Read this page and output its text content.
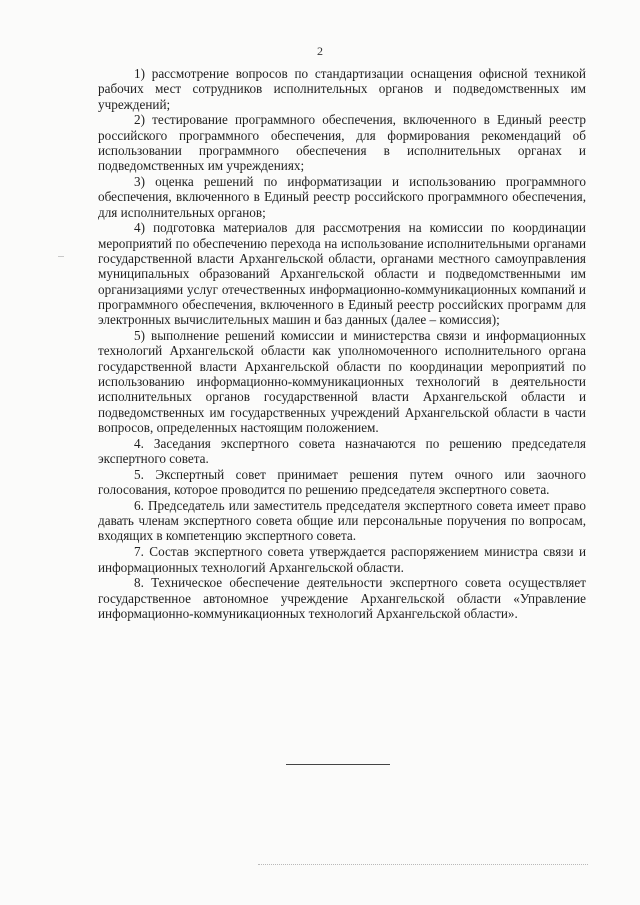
2

1) рассмотрение вопросов по стандартизации оснащения офисной техникой рабочих мест сотрудников исполнительных органов и подведомственных им учреждений;

2) тестирование программного обеспечения, включенного в Единый реестр российского программного обеспечения, для формирования рекомендаций об использовании программного обеспечения в исполнительных органах и подведомственных им учреждениях;

3) оценка решений по информатизации и использованию программного обеспечения, включенного в Единый реестр российского программного обеспечения, для исполнительных органов;

4) подготовка материалов для рассмотрения на комиссии по координации мероприятий по обеспечению перехода на использование исполнительными органами государственной власти Архангельской области, органами местного самоуправления муниципальных образований Архангельской области и подведомственными им организациями услуг отечественных информационно-коммуникационных компаний и программного обеспечения, включенного в Единый реестр российских программ для электронных вычислительных машин и баз данных (далее – комиссия);

5) выполнение решений комиссии и министерства связи и информационных технологий Архангельской области как уполномоченного исполнительного органа государственной власти Архангельской области по координации мероприятий по использованию информационно-коммуникационных технологий в деятельности исполнительных органов государственной власти Архангельской области и подведомственных им государственных учреждений Архангельской области в части вопросов, определенных настоящим положением.

4. Заседания экспертного совета назначаются по решению председателя экспертного совета.

5. Экспертный совет принимает решения путем очного или заочного голосования, которое проводится по решению председателя экспертного совета.

6. Председатель или заместитель председателя экспертного совета имеет право давать членам экспертного совета общие или персональные поручения по вопросам, входящих в компетенцию экспертного совета.

7. Состав экспертного совета утверждается распоряжением министра связи и информационных технологий Архангельской области.

8. Техническое обеспечение деятельности экспертного совета осуществляет государственное автономное учреждение Архангельской области «Управление информационно-коммуникационных технологий Архангельской области».
